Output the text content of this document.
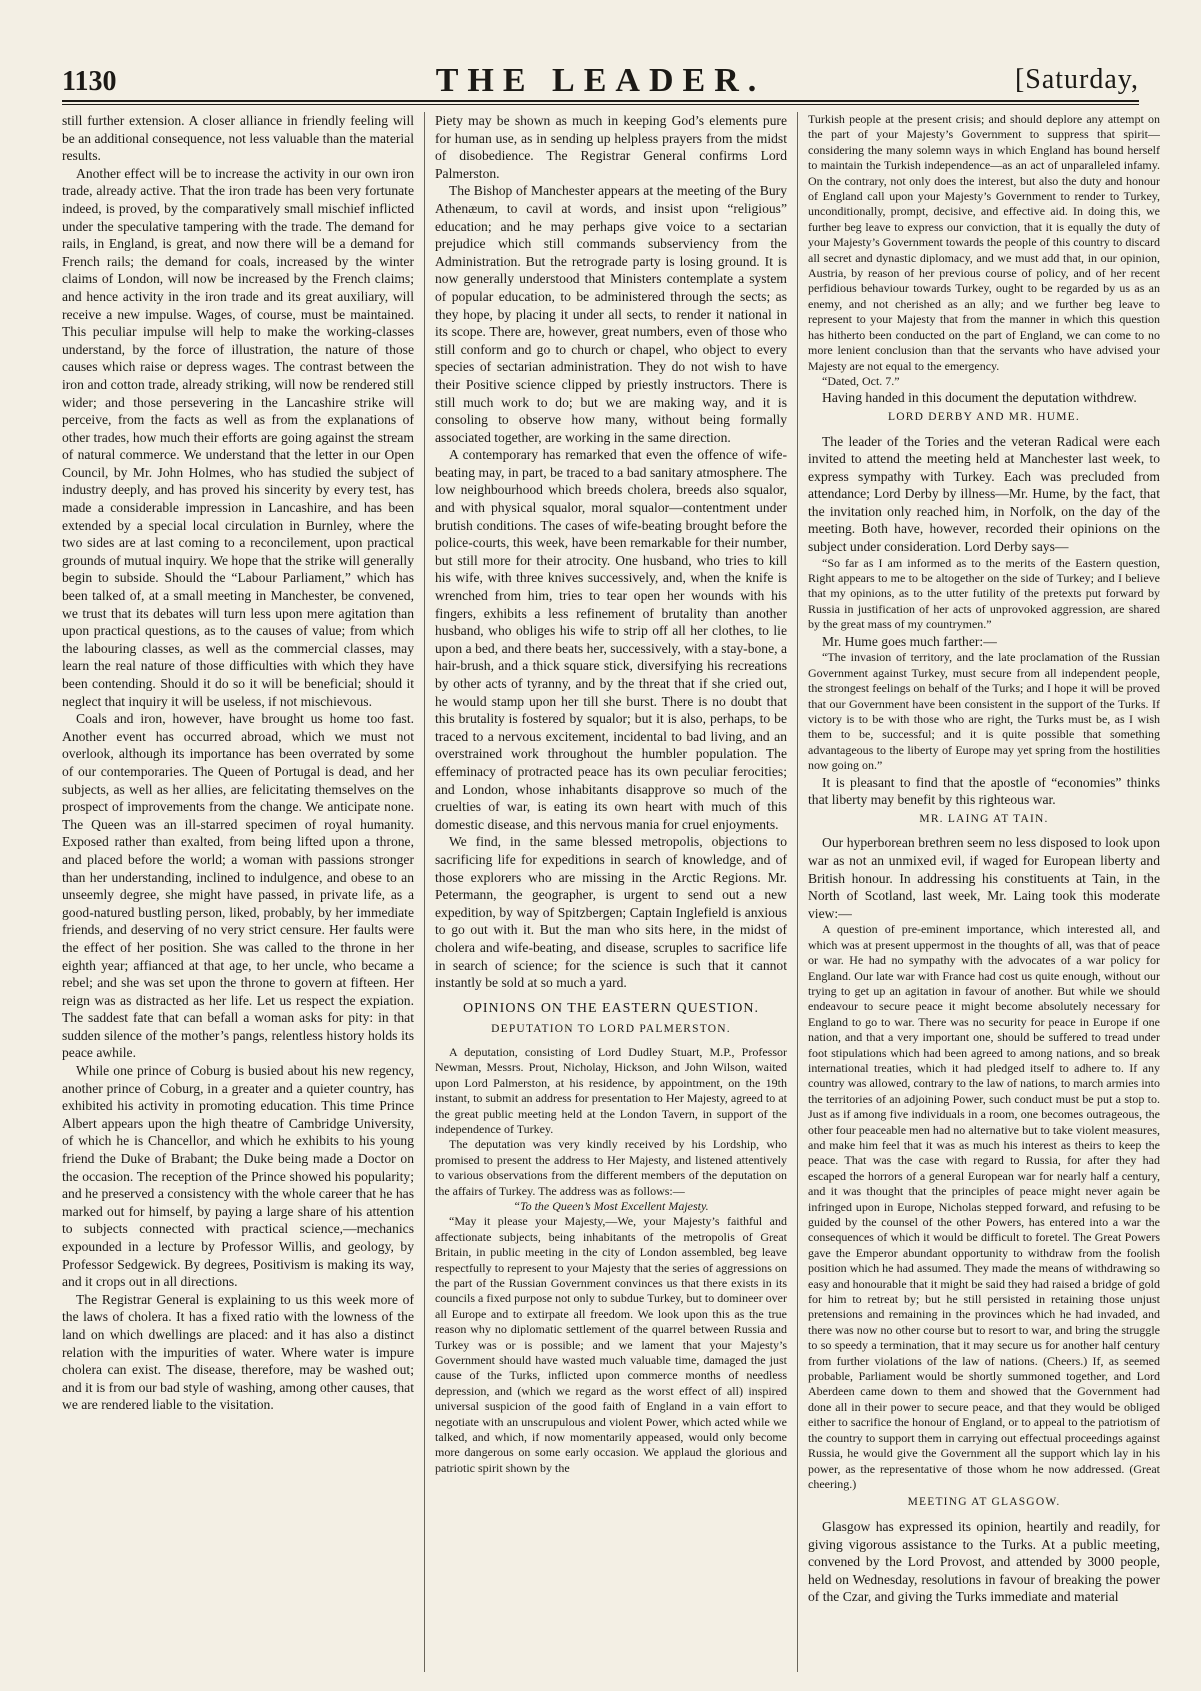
1130	THE LEADER.	[Saturday,

still further extension. A closer alliance in friendly feeling will be an additional consequence, not less valuable than the material results.

Another effect will be to increase the activity in our own iron trade, already active. That the iron trade has been very fortunate indeed, is proved, by the comparatively small mischief inflicted under the speculative tampering with the trade. The demand for rails, in England, is great, and now there will be a demand for French rails; the demand for coals, increased by the winter claims of London, will now be increased by the French claims; and hence activity in the iron trade and its great auxiliary, will receive a new impulse. Wages, of course, must be maintained. This peculiar impulse will help to make the working-classes understand, by the force of illustration, the nature of those causes which raise or depress wages. The contrast between the iron and cotton trade, already striking, will now be rendered still wider; and those persevering in the Lancashire strike will perceive, from the facts as well as from the explanations of other trades, how much their efforts are going against the stream of natural commerce. We understand that the letter in our Open Council, by Mr. John Holmes, who has studied the subject of industry deeply, and has proved his sincerity by every test, has made a considerable impression in Lancashire, and has been extended by a special local circulation in Burnley, where the two sides are at last coming to a reconcilement, upon practical grounds of mutual inquiry. We hope that the strike will generally begin to subside. Should the “Labour Parliament,” which has been talked of, at a small meeting in Manchester, be convened, we trust that its debates will turn less upon mere agitation than upon practical questions, as to the causes of value; from which the labouring classes, as well as the commercial classes, may learn the real nature of those difficulties with which they have been contending. Should it do so it will be beneficial; should it neglect that inquiry it will be useless, if not mischievous.

Coals and iron, however, have brought us home too fast. Another event has occurred abroad, which we must not overlook, although its importance has been overrated by some of our contemporaries. The Queen of Portugal is dead, and her subjects, as well as her allies, are felicitating themselves on the prospect of improvements from the change. We anticipate none. The Queen was an ill-starred specimen of royal humanity. Exposed rather than exalted, from being lifted upon a throne, and placed before the world; a woman with passions stronger than her understanding, inclined to indulgence, and obese to an unseemly degree, she might have passed, in private life, as a good-natured bustling person, liked, probably, by her immediate friends, and deserving of no very strict censure. Her faults were the effect of her position. She was called to the throne in her eighth year; affianced at that age, to her uncle, who became a rebel; and she was set upon the throne to govern at fifteen. Her reign was as distracted as her life. Let us respect the expiation. The saddest fate that can befall a woman asks for pity: in that sudden silence of the mother’s pangs, relentless history holds its peace awhile.

While one prince of Coburg is busied about his new regency, another prince of Coburg, in a greater and a quieter country, has exhibited his activity in promoting education. This time Prince Albert appears upon the high theatre of Cambridge University, of which he is Chancellor, and which he exhibits to his young friend the Duke of Brabant; the Duke being made a Doctor on the occasion. The reception of the Prince showed his popularity; and he preserved a consistency with the whole career that he has marked out for himself, by paying a large share of his attention to subjects connected with practical science,—mechanics expounded in a lecture by Professor Willis, and geology, by Professor Sedgewick. By degrees, Positivism is making its way, and it crops out in all directions.

The Registrar General is explaining to us this week more of the laws of cholera. It has a fixed ratio with the lowness of the land on which dwellings are placed: and it has also a distinct relation with the impurities of water. Where water is impure cholera can exist. The disease, therefore, may be washed out; and it is from our bad style of washing, among other causes, that we are rendered liable to the visitation.

Piety may be shown as much in keeping God’s elements pure for human use, as in sending up helpless prayers from the midst of disobedience. The Registrar General confirms Lord Palmerston.

The Bishop of Manchester appears at the meeting of the Bury Athenæum, to cavil at words, and insist upon “religious” education; and he may perhaps give voice to a sectarian prejudice which still commands subserviency from the Administration. But the retrograde party is losing ground. It is now generally understood that Ministers contemplate a system of popular education, to be administered through the sects; as they hope, by placing it under all sects, to render it national in its scope. There are, however, great numbers, even of those who still conform and go to church or chapel, who object to every species of sectarian administration. They do not wish to have their Positive science clipped by priestly instructors. There is still much work to do; but we are making way, and it is consoling to observe how many, without being formally associated together, are working in the same direction.

A contemporary has remarked that even the offence of wife-beating may, in part, be traced to a bad sanitary atmosphere. The low neighbourhood which breeds cholera, breeds also squalor, and with physical squalor, moral squalor—contentment under brutish conditions. The cases of wife-beating brought before the police-courts, this week, have been remarkable for their number, but still more for their atrocity. One husband, who tries to kill his wife, with three knives successively, and, when the knife is wrenched from him, tries to tear open her wounds with his fingers, exhibits a less refinement of brutality than another husband, who obliges his wife to strip off all her clothes, to lie upon a bed, and there beats her, successively, with a stay-bone, a hair-brush, and a thick square stick, diversifying his recreations by other acts of tyranny, and by the threat that if she cried out, he would stamp upon her till she burst. There is no doubt that this brutality is fostered by squalor; but it is also, perhaps, to be traced to a nervous excitement, incidental to bad living, and an overstrained work throughout the humbler population. The effeminacy of protracted peace has its own peculiar ferocities; and London, whose inhabitants disapprove so much of the cruelties of war, is eating its own heart with much of this domestic disease, and this nervous mania for cruel enjoyments.

We find, in the same blessed metropolis, objections to sacrificing life for expeditions in search of knowledge, and of those explorers who are missing in the Arctic Regions. Mr. Petermann, the geographer, is urgent to send out a new expedition, by way of Spitzbergen; Captain Inglefield is anxious to go out with it. But the man who sits here, in the midst of cholera and wife-beating, and disease, scruples to sacrifice life in search of science; for the science is such that it cannot instantly be sold at so much a yard.

OPINIONS ON THE EASTERN QUESTION.
DEPUTATION TO LORD PALMERSTON.

A deputation, consisting of Lord Dudley Stuart, M.P., Professor Newman, Messrs. Prout, Nicholay, Hickson, and John Wilson, waited upon Lord Palmerston, at his residence, by appointment, on the 19th instant, to submit an address for presentation to Her Majesty, agreed to at the great public meeting held at the London Tavern, in support of the independence of Turkey.

The deputation was very kindly received by his Lordship, who promised to present the address to Her Majesty, and listened attentively to various observations from the different members of the deputation on the affairs of Turkey. The address was as follows:—

“To the Queen’s Most Excellent Majesty.

“May it please your Majesty,—We, your Majesty’s faithful and affectionate subjects, being inhabitants of the metropolis of Great Britain, in public meeting in the city of London assembled, beg leave respectfully to represent to your Majesty that the series of aggressions on the part of the Russian Government convinces us that there exists in its councils a fixed purpose not only to subdue Turkey, but to domineer over all Europe and to extirpate all freedom. We look upon this as the true reason why no diplomatic settlement of the quarrel between Russia and Turkey was or is possible; and we lament that your Majesty’s Government should have wasted much valuable time, damaged the just cause of the Turks, inflicted upon commerce months of needless depression, and (which we regard as the worst effect of all) inspired universal suspicion of the good faith of England in a vain effort to negotiate with an unscrupulous and violent Power, which acted while we talked, and which, if now momentarily appeased, would only become more dangerous on some early occasion. We applaud the glorious and patriotic spirit shown by the

Turkish people at the present crisis; and should deplore any attempt on the part of your Majesty’s Government to suppress that spirit—considering the many solemn ways in which England has bound herself to maintain the Turkish independence—as an act of unparalleled infamy. On the contrary, not only does the interest, but also the duty and honour of England call upon your Majesty’s Government to render to Turkey, unconditionally, prompt, decisive, and effective aid. In doing this, we further beg leave to express our conviction, that it is equally the duty of your Majesty’s Government towards the people of this country to discard all secret and dynastic diplomacy, and we must add that, in our opinion, Austria, by reason of her previous course of policy, and of her recent perfidious behaviour towards Turkey, ought to be regarded by us as an enemy, and not cherished as an ally; and we further beg leave to represent to your Majesty that from the manner in which this question has hitherto been conducted on the part of England, we can come to no more lenient conclusion than that the servants who have advised your Majesty are not equal to the emergency.

“Dated, Oct. 7.”

Having handed in this document the deputation withdrew.

LORD DERBY AND MR. HUME.

The leader of the Tories and the veteran Radical were each invited to attend the meeting held at Manchester last week, to express sympathy with Turkey. Each was precluded from attendance; Lord Derby by illness—Mr. Hume, by the fact, that the invitation only reached him, in Norfolk, on the day of the meeting. Both have, however, recorded their opinions on the subject under consideration. Lord Derby says—

“So far as I am informed as to the merits of the Eastern question, Right appears to me to be altogether on the side of Turkey; and I believe that my opinions, as to the utter futility of the pretexts put forward by Russia in justification of her acts of unprovoked aggression, are shared by the great mass of my countrymen.”

Mr. Hume goes much farther:—

“The invasion of territory, and the late proclamation of the Russian Government against Turkey, must secure from all independent people, the strongest feelings on behalf of the Turks; and I hope it will be proved that our Government have been consistent in the support of the Turks. If victory is to be with those who are right, the Turks must be, as I wish them to be, successful; and it is quite possible that something advantageous to the liberty of Europe may yet spring from the hostilities now going on.”

It is pleasant to find that the apostle of “economies” thinks that liberty may benefit by this righteous war.

MR. LAING AT TAIN.

Our hyperborean brethren seem no less disposed to look upon war as not an unmixed evil, if waged for European liberty and British honour. In addressing his constituents at Tain, in the North of Scotland, last week, Mr. Laing took this moderate view:—

A question of pre-eminent importance, which interested all, and which was at present uppermost in the thoughts of all, was that of peace or war. He had no sympathy with the advocates of a war policy for England. Our late war with France had cost us quite enough, without our trying to get up an agitation in favour of another. But while we should endeavour to secure peace it might become absolutely necessary for England to go to war. There was no security for peace in Europe if one nation, and that a very important one, should be suffered to tread under foot stipulations which had been agreed to among nations, and so break international treaties, which it had pledged itself to adhere to. If any country was allowed, contrary to the law of nations, to march armies into the territories of an adjoining Power, such conduct must be put a stop to. Just as if among five individuals in a room, one becomes outrageous, the other four peaceable men had no alternative but to take violent measures, and make him feel that it was as much his interest as theirs to keep the peace. That was the case with regard to Russia, for after they had escaped the horrors of a general European war for nearly half a century, and it was thought that the principles of peace might never again be infringed upon in Europe, Nicholas stepped forward, and refusing to be guided by the counsel of the other Powers, has entered into a war the consequences of which it would be difficult to foretel. The Great Powers gave the Emperor abundant opportunity to withdraw from the foolish position which he had assumed. They made the means of withdrawing so easy and honourable that it might be said they had raised a bridge of gold for him to retreat by; but he still persisted in retaining those unjust pretensions and remaining in the provinces which he had invaded, and there was now no other course but to resort to war, and bring the struggle to so speedy a termination, that it may secure us for another half century from further violations of the law of nations. (Cheers.) If, as seemed probable, Parliament would be shortly summoned together, and Lord Aberdeen came down to them and showed that the Government had done all in their power to secure peace, and that they would be obliged either to sacrifice the honour of England, or to appeal to the patriotism of the country to support them in carrying out effectual proceedings against Russia, he would give the Government all the support which lay in his power, as the representative of those whom he now addressed. (Great cheering.)

MEETING AT GLASGOW.

Glasgow has expressed its opinion, heartily and readily, for giving vigorous assistance to the Turks. At a public meeting, convened by the Lord Provost, and attended by 3000 people, held on Wednesday, resolutions in favour of breaking the power of the Czar, and giving the Turks immediate and material
